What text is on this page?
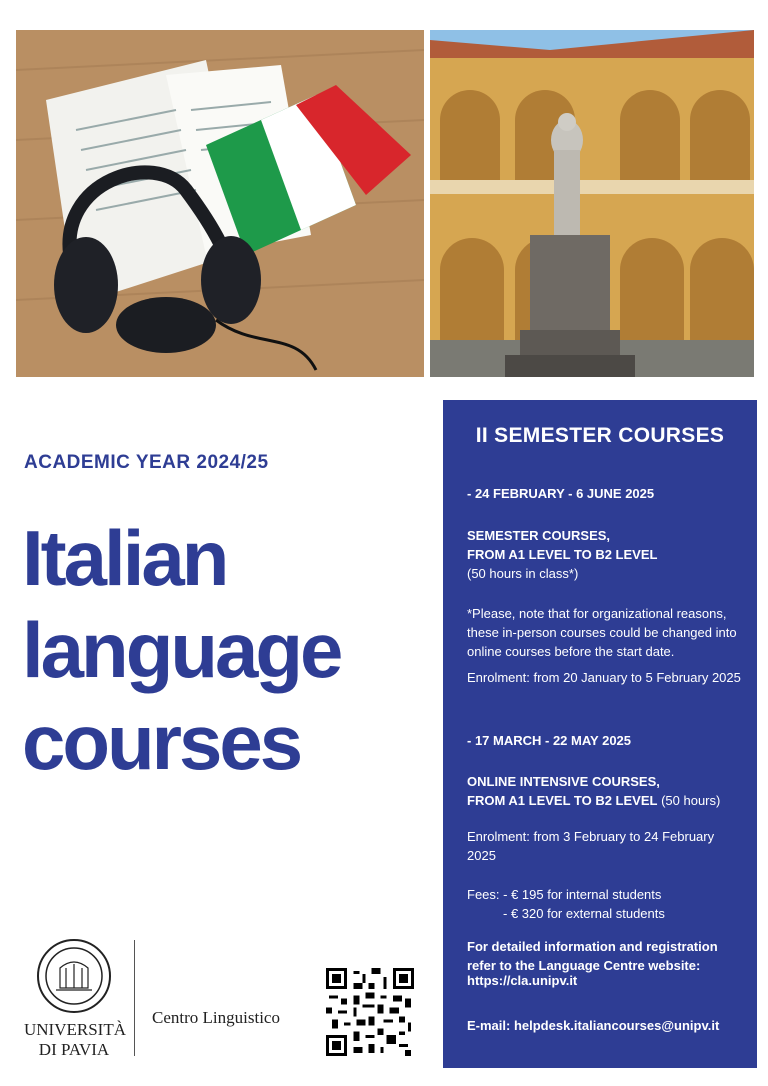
ACADEMIC YEAR 2024/25
Italian
language
courses
II SEMESTER COURSES
- 24 FEBRUARY - 6 JUNE 2025
SEMESTER COURSES,
FROM A1 LEVEL TO B2 LEVEL
(50 hours in class*)
*Please, note that for organizational reasons, these in-person courses could be changed into online courses before the start date.
Enrolment: from 20 January to 5 February 2025
- 17 MARCH - 22 MAY 2025
ONLINE INTENSIVE COURSES,
FROM A1 LEVEL TO B2 LEVEL (50 hours)
Enrolment: from 3 February to 24 February 2025
Fees: - € 195 for internal students
- € 320 for external students
For detailed information and registration refer to the Language Centre website:
https://cla.unipv.it
E-mail: helpdesk.italiancourses@unipv.it
UNIVERSITÀ
DI PAVIA
Centro Linguistico
